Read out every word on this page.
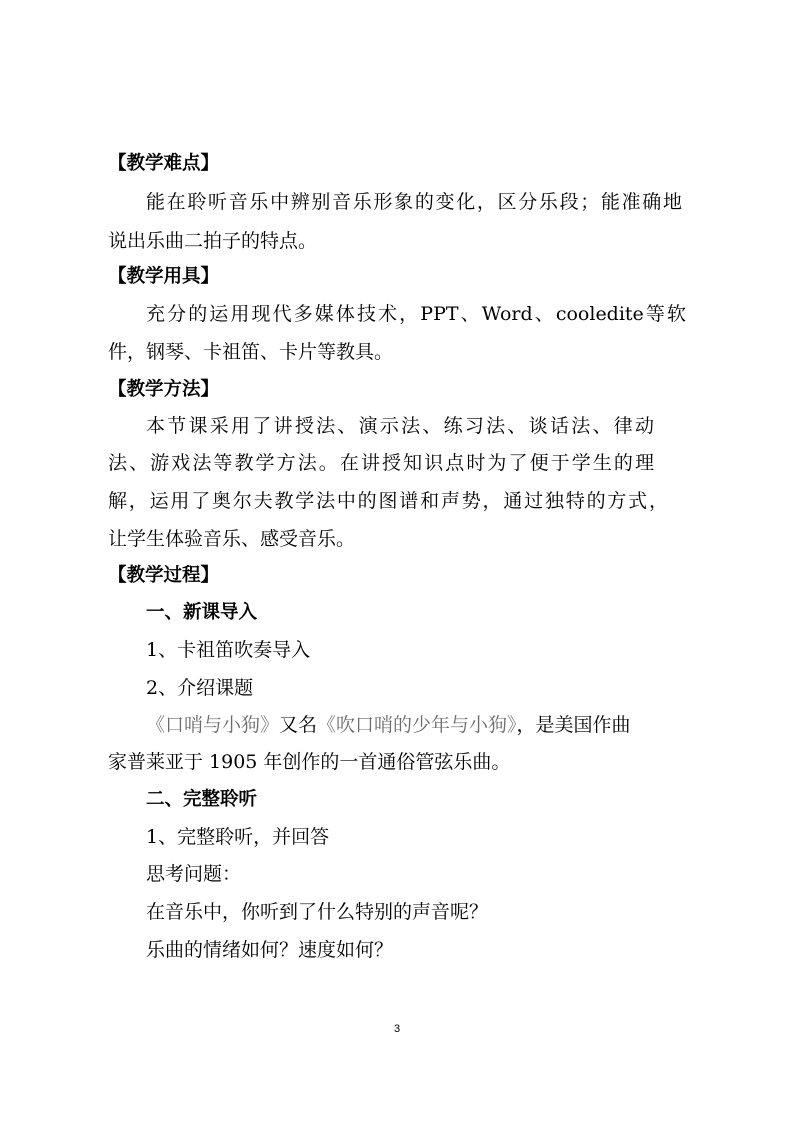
【教学难点】
能在聆听音乐中辨别音乐形象的变化，区分乐段；能准确地
说出乐曲二拍子的特点。
【教学用具】
充分的运用现代多媒体技术，PPT、Word、cooledite等软
件，钢琴、卡祖笛、卡片等教具。
【教学方法】
本节课采用了讲授法、演示法、练习法、谈话法、律动
法、游戏法等教学方法。在讲授知识点时为了便于学生的理
解，运用了奥尔夫教学法中的图谱和声势，通过独特的方式，
让学生体验音乐、感受音乐。
【教学过程】
一、新课导入
1、卡祖笛吹奏导入
2、介绍课题
《口哨与小狗》又名《吹口哨的少年与小狗》，是美国作曲
家普莱亚于 1905 年创作的一首通俗管弦乐曲。
二、完整聆听
1、完整聆听，并回答
思考问题：
在音乐中，你听到了什么特别的声音呢？
乐曲的情绪如何？速度如何？
3
